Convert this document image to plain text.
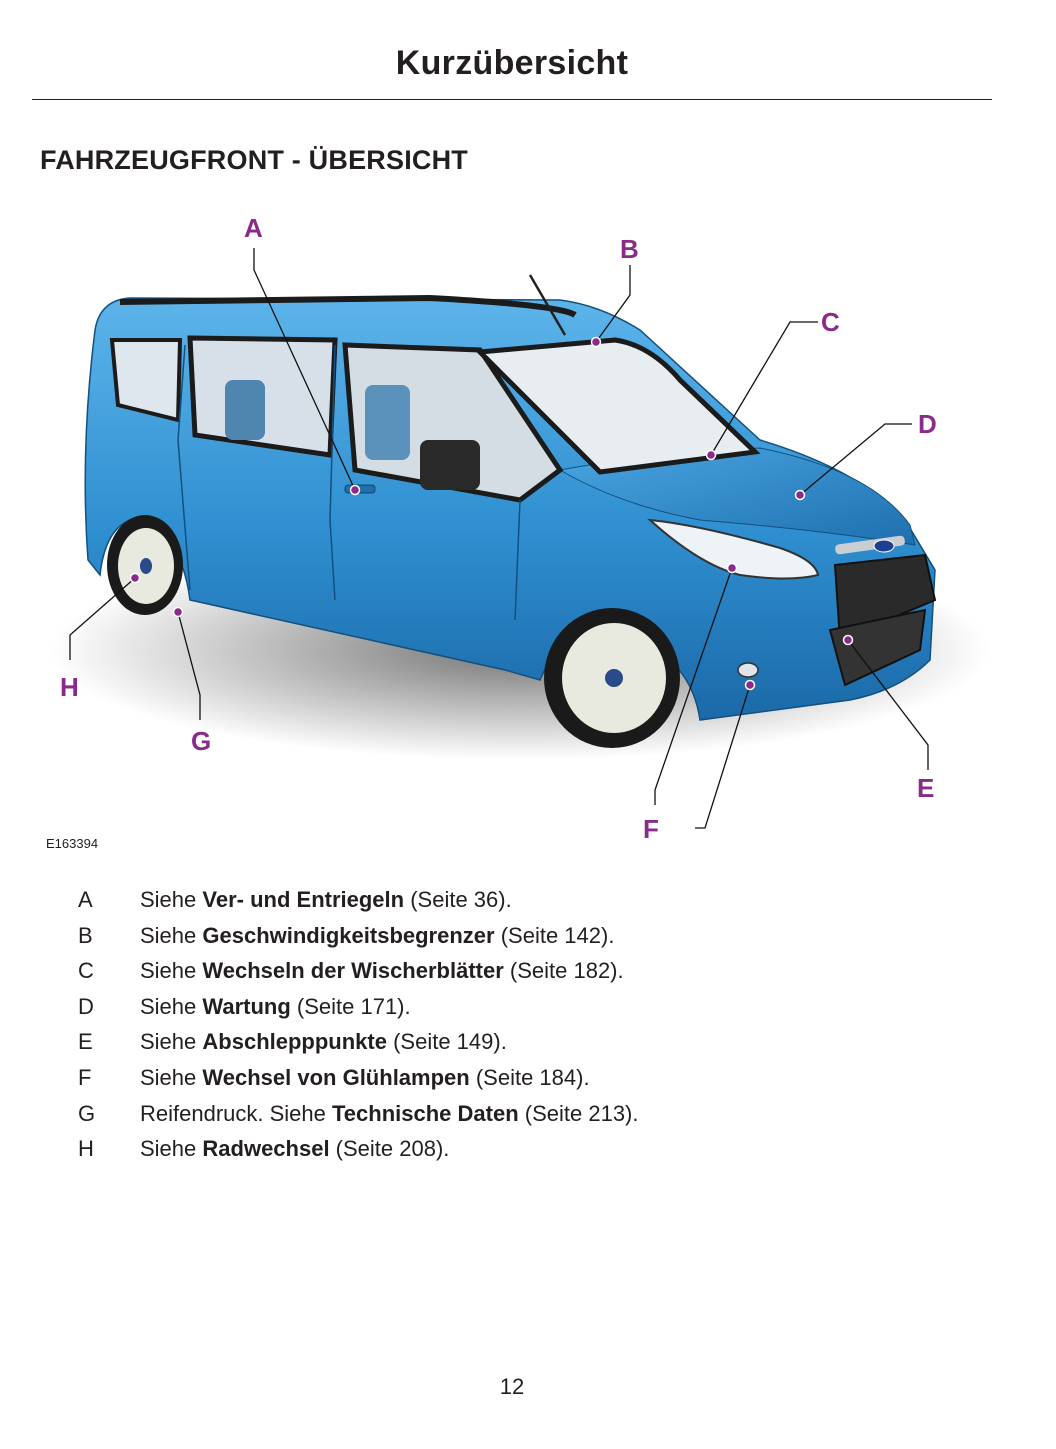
Kurzübersicht
FAHRZEUGFRONT - ÜBERSICHT
A
B
C
D
E
F
G
H
E163394
A Siehe Ver- und Entriegeln (Seite 36).
B Siehe Geschwindigkeitsbegrenzer (Seite 142).
C Siehe Wechseln der Wischerblätter (Seite 182).
D Siehe Wartung (Seite 171).
E Siehe Abschlepppunkte (Seite 149).
F Siehe Wechsel von Glühlampen (Seite 184).
G Reifendruck. Siehe Technische Daten (Seite 213).
H Siehe Radwechsel (Seite 208).
12
